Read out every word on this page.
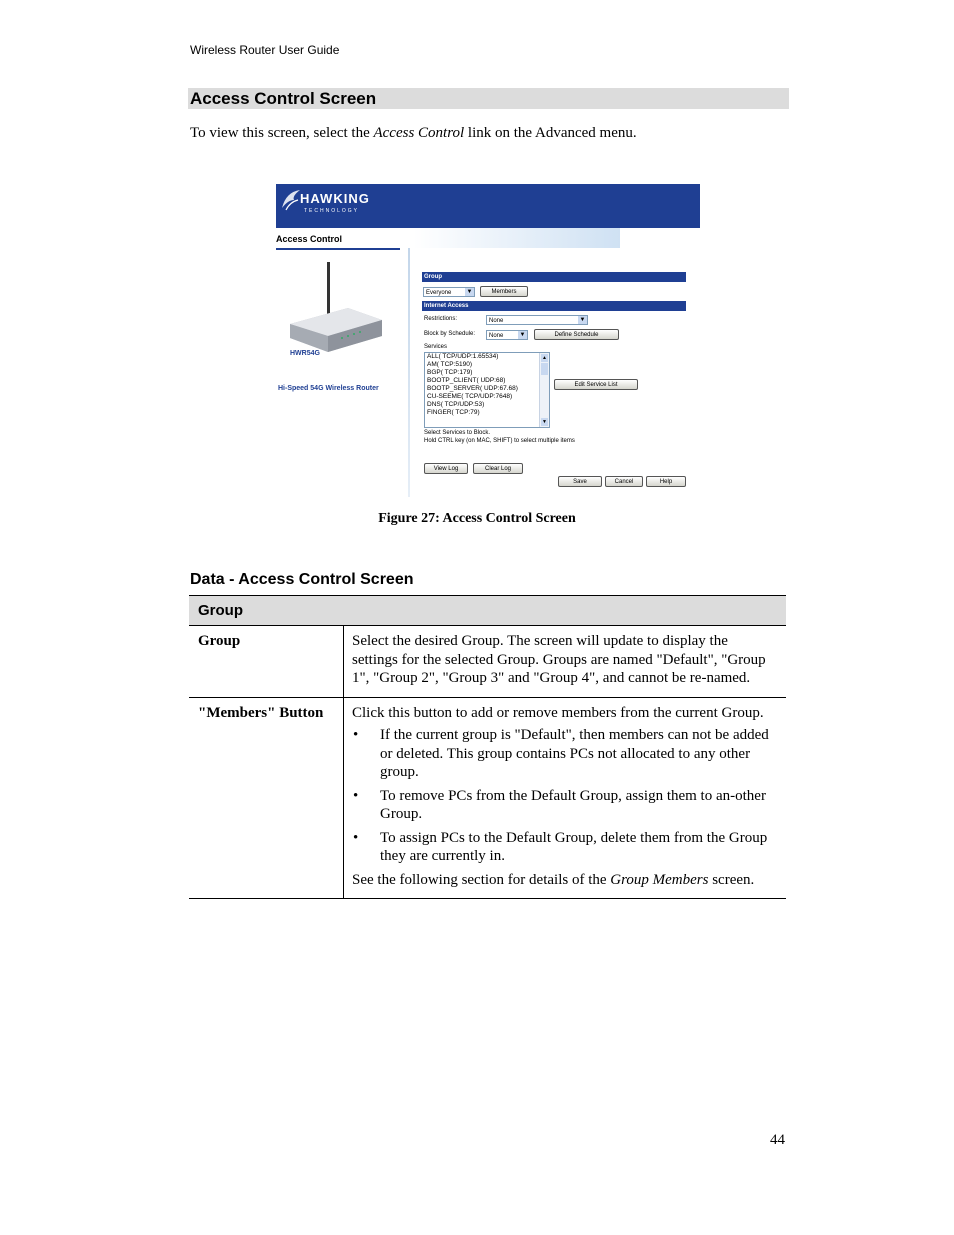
Wireless Router User Guide
Access Control Screen
To view this screen, select the Access Control link on the Advanced menu.
HAWKING
TECHNOLOGY
Access Control
HWR54G
Hi-Speed 54G Wireless Router
Group
Everyone	▼	Members
Internet Access
Restrictions:	None	▼
Block by Schedule:	None	▼	Define Schedule
Services
ALL( TCP/UDP:1.65534)
AM( TCP:5190)
BGP( TCP:179)
BOOTP_CLIENT( UDP:68)
BOOTP_SERVER( UDP:67.68)
CU-SEEME( TCP/UDP:7648)
DNS( TCP/UDP:53)
FINGER( TCP:79)
▲
▼
Edit Service List
Select Services to Block.
Hold CTRL key (on MAC, SHIFT) to select multiple items
View Log	Clear Log
Save	Cancel	Help
Figure 27: Access Control Screen
Data - Access Control Screen
Group
Group	Select the desired Group. The screen will update to display the settings for the selected Group. Groups are named "Default", "Group 1", "Group 2", "Group 3" and "Group 4", and cannot be re-named.

"Members" Button	Click this button to add or remove members from the current Group.

• If the current group is "Default", then members can not be added or deleted. This group contains PCs not allocated to any other group.
• To remove PCs from the Default Group, assign them to an-other Group.
• To assign PCs to the Default Group, delete them from the Group they are currently in.

See the following section for details of the Group Members screen.

44
